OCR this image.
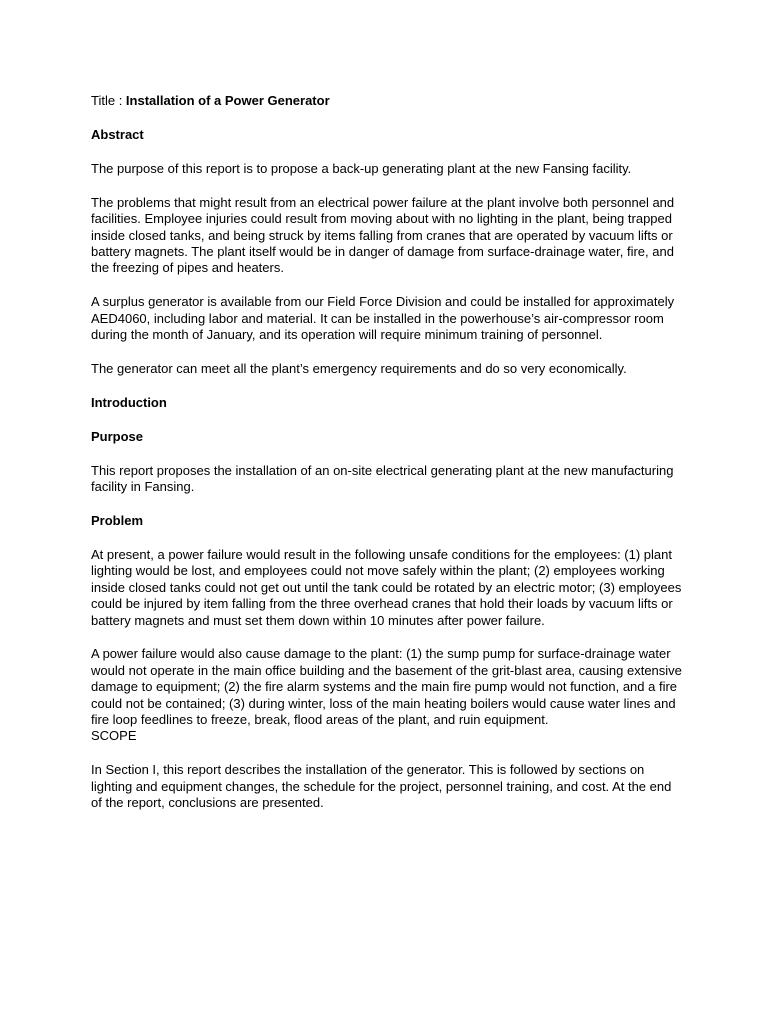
Title : Installation of a Power Generator
Abstract

The purpose of this report is to propose a back-up generating plant at the new Fansing facility.

The problems that might result from an electrical power failure at the plant involve both personnel and facilities. Employee injuries could result from moving about with no lighting in the plant, being trapped inside closed tanks, and being struck by items falling from cranes that are operated by vacuum lifts or battery magnets. The plant itself would be in danger of damage from surface-drainage water, fire, and the freezing of pipes and heaters.

A surplus generator is available from our Field Force Division and could be installed for approximately AED4060, including labor and material. It can be installed in the powerhouse’s air-compressor room during the month of January, and its operation will require minimum training of personnel.

The generator can meet all the plant’s emergency requirements and do so very economically.

Introduction
Purpose

This report proposes the installation of an on-site electrical generating plant at the new manufacturing facility in Fansing.

Problem

At present, a power failure would result in the following unsafe conditions for the employees: (1) plant lighting would be lost, and employees could not move safely within the plant; (2) employees working inside closed tanks could not get out until the tank could be rotated by an electric motor; (3) employees could be injured by item falling from the three overhead cranes that hold their loads by vacuum lifts or battery magnets and must set them down within 10 minutes after power failure.

A power failure would also cause damage to the plant: (1) the sump pump for surface-drainage water would not operate in the main office building and the basement of the grit-blast area, causing extensive damage to equipment; (2) the fire alarm systems and the main fire pump would not function, and a fire could not be contained; (3) during winter, loss of the main heating boilers would cause water lines and fire loop feedlines to freeze, break, flood areas of the plant, and ruin equipment.

SCOPE

In Section I, this report describes the installation of the generator. This is followed by sections on lighting and equipment changes, the schedule for the project, personnel training, and cost. At the end of the report, conclusions are presented.
